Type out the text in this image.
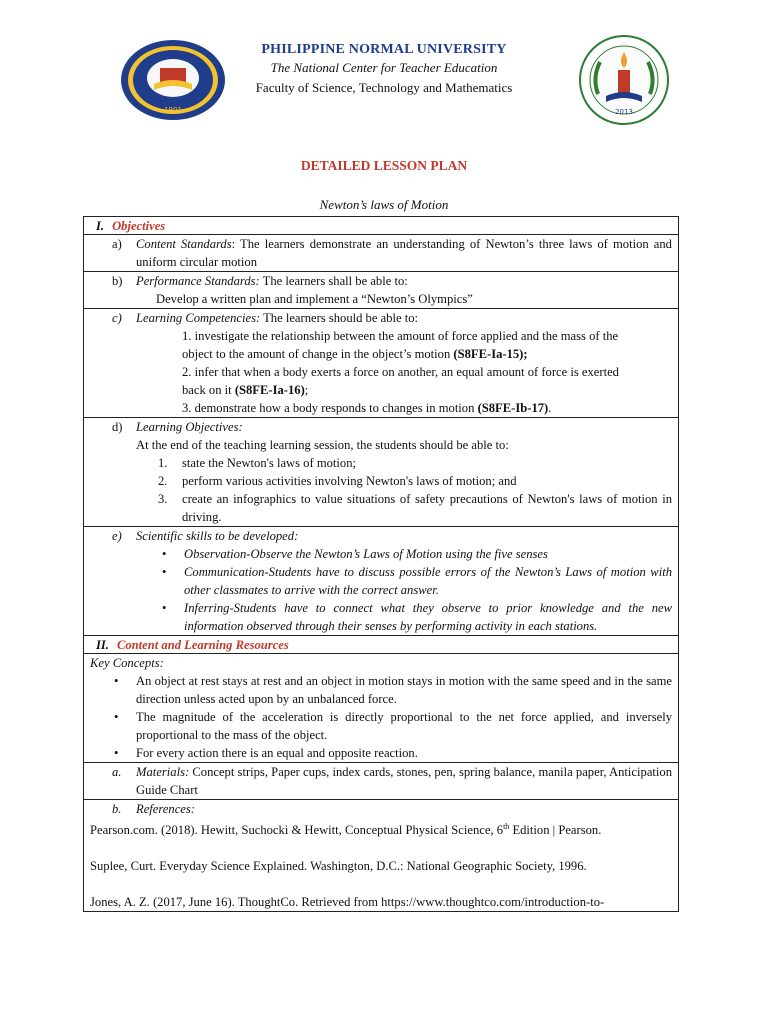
1901	2013
PHILIPPINE NORMAL UNIVERSITY
The National Center for Teacher Education
Faculty of Science, Technology and Mathematics
DETAILED LESSON PLAN
Newton’s laws of Motion
I. Objectives
a)	Content Standards: The learners demonstrate an understanding of Newton’s three laws of motion and uniform circular motion
b)	Performance Standards: The learners shall be able to:
Develop a written plan and implement a “Newton’s Olympics”
c)	Learning Competencies: The learners should be able to:
1. investigate the relationship between the amount of force applied and the mass of the object to the amount of change in the object’s motion (S8FE-Ia-15);
2. infer that when a body exerts a force on another, an equal amount of force is exerted back on it (S8FE-Ia-16);
3. demonstrate how a body responds to changes in motion (S8FE-Ib-17).
d)	Learning Objectives:
At the end of the teaching learning session, the students should be able to:
1. state the Newton's laws of motion;
2. perform various activities involving Newton's laws of motion; and
3. create an infographics to value situations of safety precautions of Newton's laws of motion in driving.
e)	Scientific skills to be developed:
• Observation-Observe the Newton’s Laws of Motion using the five senses
• Communication-Students have to discuss possible errors of the Newton’s Laws of motion with other classmates to arrive with the correct answer.
• Inferring-Students have to connect what they observe to prior knowledge and the new information observed through their senses by performing activity in each stations.
II. Content and Learning Resources
Key Concepts:
• An object at rest stays at rest and an object in motion stays in motion with the same speed and in the same direction unless acted upon by an unbalanced force.
• The magnitude of the acceleration is directly proportional to the net force applied, and inversely proportional to the mass of the object.
• For every action there is an equal and opposite reaction.
a.	Materials: Concept strips, Paper cups, index cards, stones, pen, spring balance, manila paper, Anticipation Guide Chart
b.	References:
Pearson.com. (2018). Hewitt, Suchocki & Hewitt, Conceptual Physical Science, 6th Edition | Pearson.
Suplee, Curt. Everyday Science Explained. Washington, D.C.: National Geographic Society, 1996.
Jones, A. Z. (2017, June 16). ThoughtCo. Retrieved from https://www.thoughtco.com/introduction-to-
